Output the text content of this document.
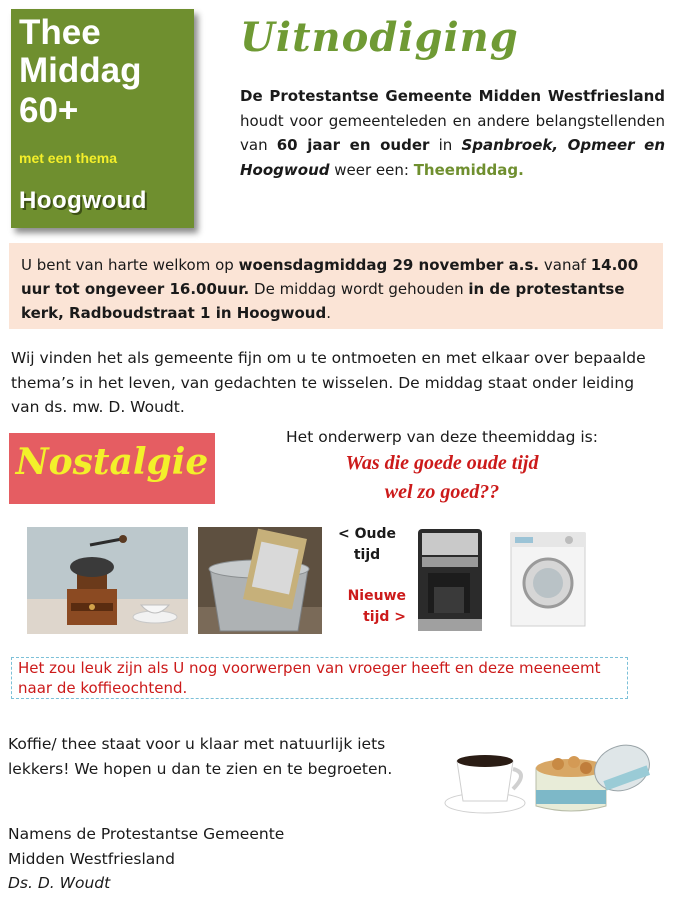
Thee
Middag
60+
met een thema
Hoogwoud
Uitnodiging
De Protestantse Gemeente Midden Westfriesland houdt voor gemeenteleden en andere belangstellenden van 60 jaar en ouder in Spanbroek, Opmeer en Hoogwoud weer een: Theemiddag.
U bent van harte welkom op woensdagmiddag 29 november a.s. vanaf 14.00 uur tot ongeveer 16.00uur. De middag wordt gehouden in de protestantse kerk, Radboudstraat 1 in Hoogwoud.
Wij vinden het als gemeente fijn om u te ontmoeten en met elkaar over bepaalde thema’s in het leven, van gedachten te wisselen. De middag staat onder leiding van ds. mw. D. Woudt.
Nostalgie
Het onderwerp van deze theemiddag is:
Was die goede oude tijd
wel zo goed??
< Oude tijd
Nieuwe tijd >
Het zou leuk zijn als U nog voorwerpen van vroeger heeft en deze meeneemt naar de koffieochtend.
Koffie/ thee staat voor u klaar met natuurlijk iets lekkers! We hopen u dan te zien en te begroeten.
Namens de Protestantse Gemeente
Midden Westfriesland
Ds. D. Woudt
